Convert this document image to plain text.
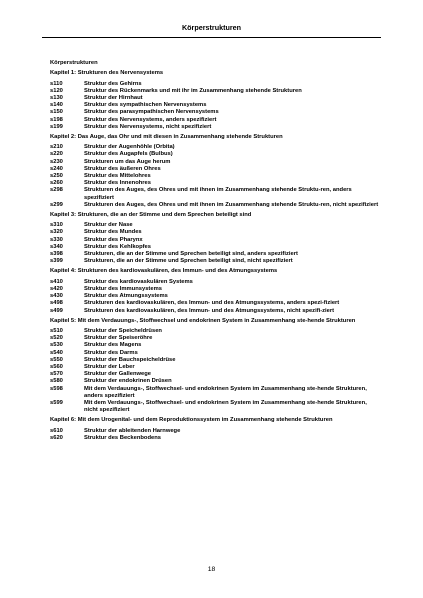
Körperstrukturen
Körperstrukturen
Kapitel 1: Strukturen des Nervensystems
s110	Struktur des Gehirns
s120	Struktur des Rückenmarks und mit ihr im Zusammenhang stehende Strukturen
s130	Struktur der Hirnhaut
s140	Struktur des sympathischen Nervensystems
s150	Struktur des parasympathischen Nervensystems
s198	Struktur des Nervensystems, anders spezifiziert
s199	Struktur des Nervensystems, nicht spezifiziert
Kapitel 2: Das Auge, das Ohr und mit diesen in Zusammenhang stehende Strukturen
s210	Struktur der Augenhöhle (Orbita)
s220	Struktur des Augapfels (Bulbus)
s230	Strukturen um das Auge herum
s240	Struktur des äußeren Ohres
s250	Struktur des Mittelohres
s260	Struktur des Innenohres
s298	Strukturen des Auges, des Ohres und mit ihnen im Zusammenhang stehende Struktu-ren, anders spezifiziert
s299	Strukturen des Auges, des Ohres und mit ihnen im Zusammenhang stehende Struktu-ren, nicht spezifiziert
Kapitel 3: Strukturen, die an der Stimme und dem Sprechen beteiligt sind
s310	Struktur der Nase
s320	Struktur des Mundes
s330	Struktur des Pharynx
s340	Struktur des Kehlkopfes
s398	Strukturen, die an der Stimme und Sprechen beteiligt sind, anders spezifiziert
s399	Strukturen, die an der Stimme und Sprechen beteiligt sind, nicht spezifiziert
Kapitel 4: Strukturen des kardiovaskulären, des Immun- und des Atmungssystems
s410	Struktur des kardiovaskulären Systems
s420	Struktur des Immunsystems
s430	Struktur des Atmungssystems
s498	Strukturen des kardiovaskulären, des Immun- und des Atmungssystems, anders spezi-fiziert
s499	Strukturen des kardiovaskulären, des Immun- und des Atmungssystems, nicht spezifi-ziert
Kapitel 5: Mit dem Verdauungs-, Stoffwechsel und endokrinen System in Zusammenhang ste-hende Strukturen
s510	Struktur der Speicheldrüsen
s520	Struktur der Speiseröhre
s530	Struktur des Magens
s540	Struktur des Darms
s550	Struktur der Bauchspeicheldrüse
s560	Struktur der Leber
s570	Struktur der Gallenwege
s580	Struktur der endokrinen Drüsen
s598	Mit dem Verdauungs-, Stoffwechsel- und endokrinen System im Zusammenhang ste-hende Strukturen, anders spezifiziert
s599	Mit dem Verdauungs-, Stoffwechsel- und endokrinen System im Zusammenhang ste-hende Strukturen, nicht spezifiziert
Kapitel 6: Mit dem Urogenital- und dem Reproduktionssystem im Zusammenhang stehende Strukturen
s610	Struktur der ableitenden Harnwege
s620	Struktur des Beckenbodens
18
